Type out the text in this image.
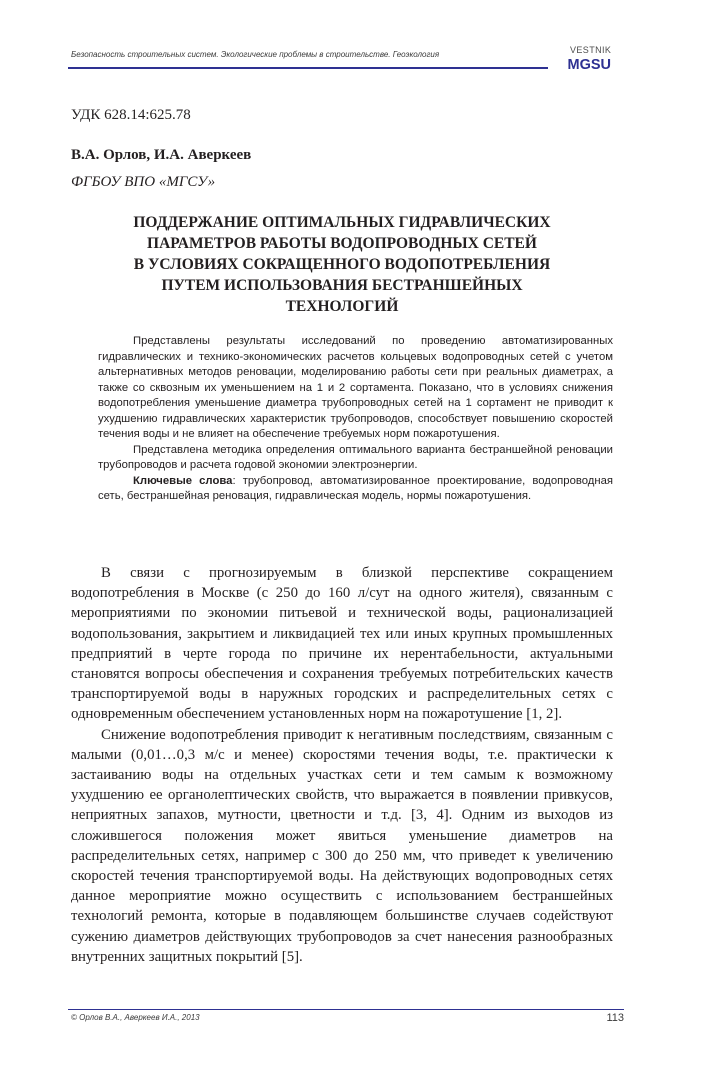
Безопасность строительных систем. Экологические проблемы в строительстве. Геоэкология	VESTNIK
MGSU
УДК 628.14:625.78
В.А. Орлов, И.А. Аверкеев
ФГБОУ ВПО «МГСУ»
ПОДДЕРЖАНИЕ ОПТИМАЛЬНЫХ ГИДРАВЛИЧЕСКИХ
ПАРАМЕТРОВ РАБОТЫ ВОДОПРОВОДНЫХ СЕТЕЙ
В УСЛОВИЯХ СОКРАЩЕННОГО ВОДОПОТРЕБЛЕНИЯ
ПУТЕМ ИСПОЛЬЗОВАНИЯ БЕСТРАНШЕЙНЫХ
ТЕХНОЛОГИЙ

Представлены результаты исследований по проведению автоматизированных гидравлических и технико-экономических расчетов кольцевых водопроводных сетей с учетом альтернативных методов реновации, моделированию работы сети при реальных диаметрах, а также со сквозным их уменьшением на 1 и 2 сортамента. Показано, что в условиях снижения водопотребления уменьшение диаметра трубопроводных сетей на 1 сортамент не приводит к ухудшению гидравлических характеристик трубопроводов, способствует повышению скоростей течения воды и не влияет на обеспечение требуемых норм пожаротушения.

Представлена методика определения оптимального варианта бестраншейной реновации трубопроводов и расчета годовой экономии электроэнергии.

Ключевые слова: трубопровод, автоматизированное проектирование, водопроводная сеть, бестраншейная реновация, гидравлическая модель, нормы пожаротушения.

В связи с прогнозируемым в близкой перспективе сокращением водопотребления в Москве (с 250 до 160 л/сут на одного жителя), связанным с мероприятиями по экономии питьевой и технической воды, рационализацией водопользования, закрытием и ликвидацией тех или иных крупных промышленных предприятий в черте города по причине их нерентабельности, актуальными становятся вопросы обеспечения и сохранения требуемых потребительских качеств транспортируемой воды в наружных городских и распределительных сетях с одновременным обеспечением установленных норм на пожаротушение [1, 2].

Снижение водопотребления приводит к негативным последствиям, связанным с малыми (0,01…0,3 м/с и менее) скоростями течения воды, т.е. практически к застаиванию воды на отдельных участках сети и тем самым к возможному ухудшению ее органолептических свойств, что выражается в появлении привкусов, неприятных запахов, мутности, цветности и т.д. [3, 4]. Одним из выходов из сложившегося положения может явиться уменьшение диаметров на распределительных сетях, например с 300 до 250 мм, что приведет к увеличению скоростей течения транспортируемой воды. На действующих водопроводных сетях данное мероприятие можно осуществить с использованием бестраншейных технологий ремонта, которые в подавляющем большинстве случаев содействуют сужению диаметров действующих трубопроводов за счет нанесения разнообразных внутренних защитных покрытий [5].

© Орлов В.А., Аверкеев И.А., 2013	113
